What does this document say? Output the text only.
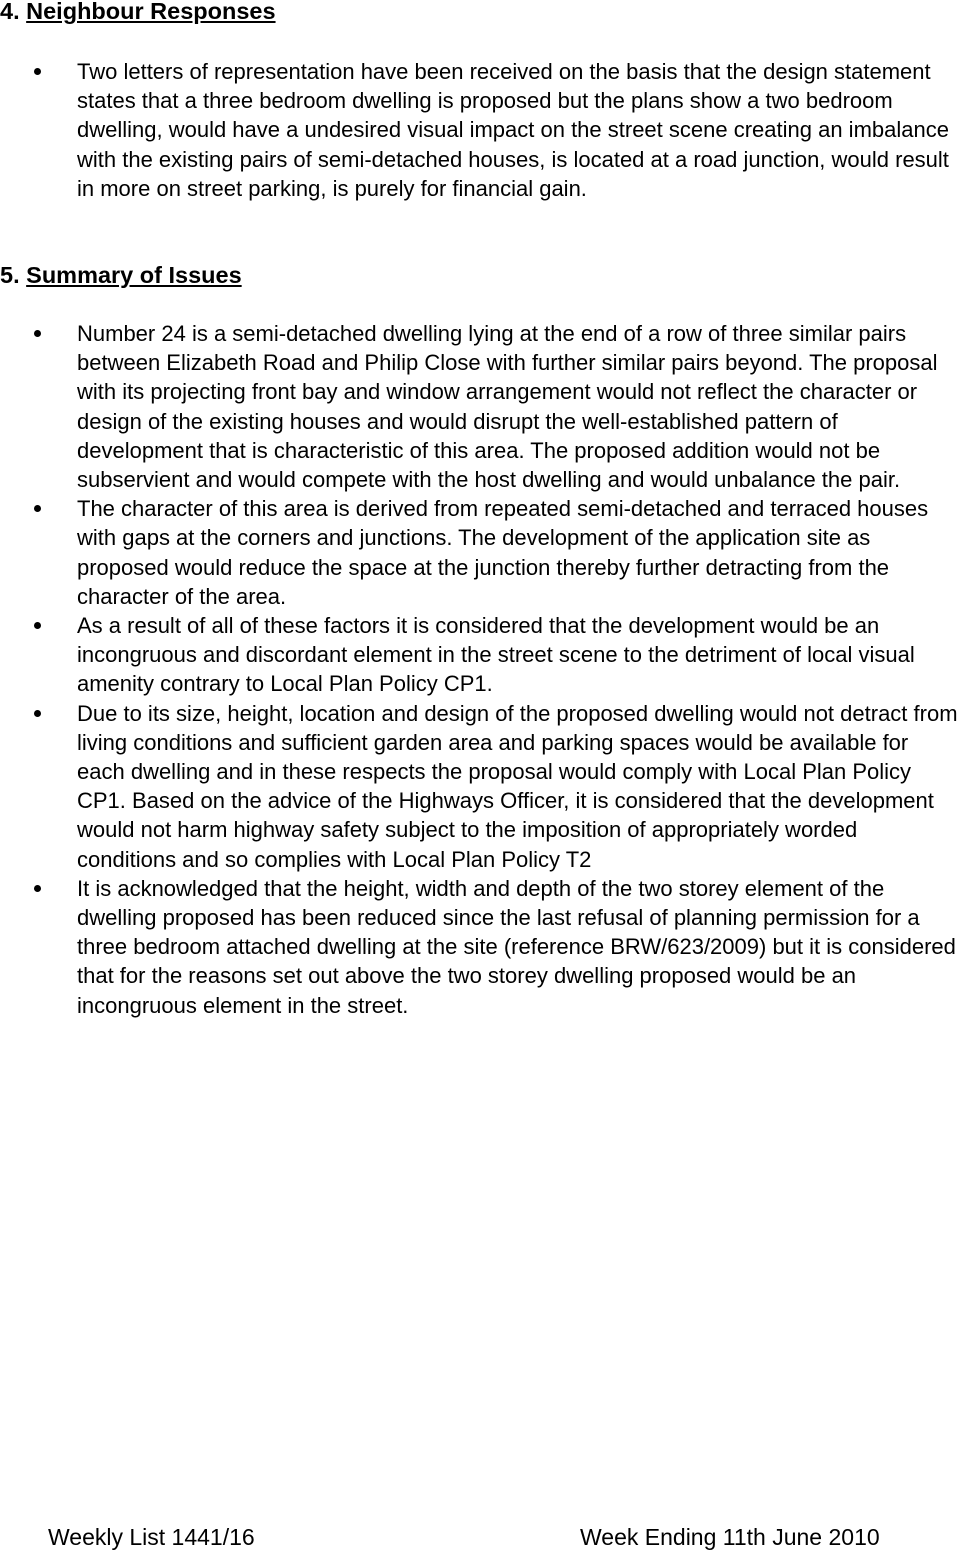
4. Neighbour Responses
Two letters of representation have been received on the basis that the design statement states that a three bedroom dwelling is proposed but the plans show a two bedroom dwelling, would have a undesired visual impact on the street scene creating an imbalance with the existing pairs of semi-detached houses, is located at a road junction, would result in more on street parking, is purely for financial gain.
5. Summary of Issues
Number 24 is a semi-detached dwelling lying at the end of a row of three similar pairs between Elizabeth Road and Philip Close with further similar pairs beyond. The proposal with its projecting front bay and window arrangement would not reflect the character or design of the existing houses and would disrupt the well-established pattern of development that is characteristic of this area. The proposed addition would not be subservient and would compete with the host dwelling and would unbalance the pair.
The character of this area is derived from repeated semi-detached and terraced houses with gaps at the corners and junctions. The development of the application site as proposed would reduce the space at the junction thereby further detracting from the character of the area.
As a result of all of these factors it is considered that the development would be an incongruous and discordant element in the street scene to the detriment of local visual amenity contrary to Local Plan Policy CP1.
Due to its size, height, location and design of the proposed dwelling would not detract from living conditions and sufficient garden area and parking spaces would be available for each dwelling and in these respects the proposal would comply with Local Plan Policy CP1. Based on the advice of the Highways Officer, it is considered that the development would not harm highway safety subject to the imposition of appropriately worded conditions and so complies with Local Plan Policy T2
It is acknowledged that the height, width and depth of the two storey element of the dwelling proposed has been reduced since the last refusal of planning permission for a three bedroom attached dwelling at the site (reference BRW/623/2009) but it is considered that for the reasons set out above the two storey dwelling proposed would be an incongruous element in the street.
Weekly List 1441/16	Week Ending 11th June 2010
